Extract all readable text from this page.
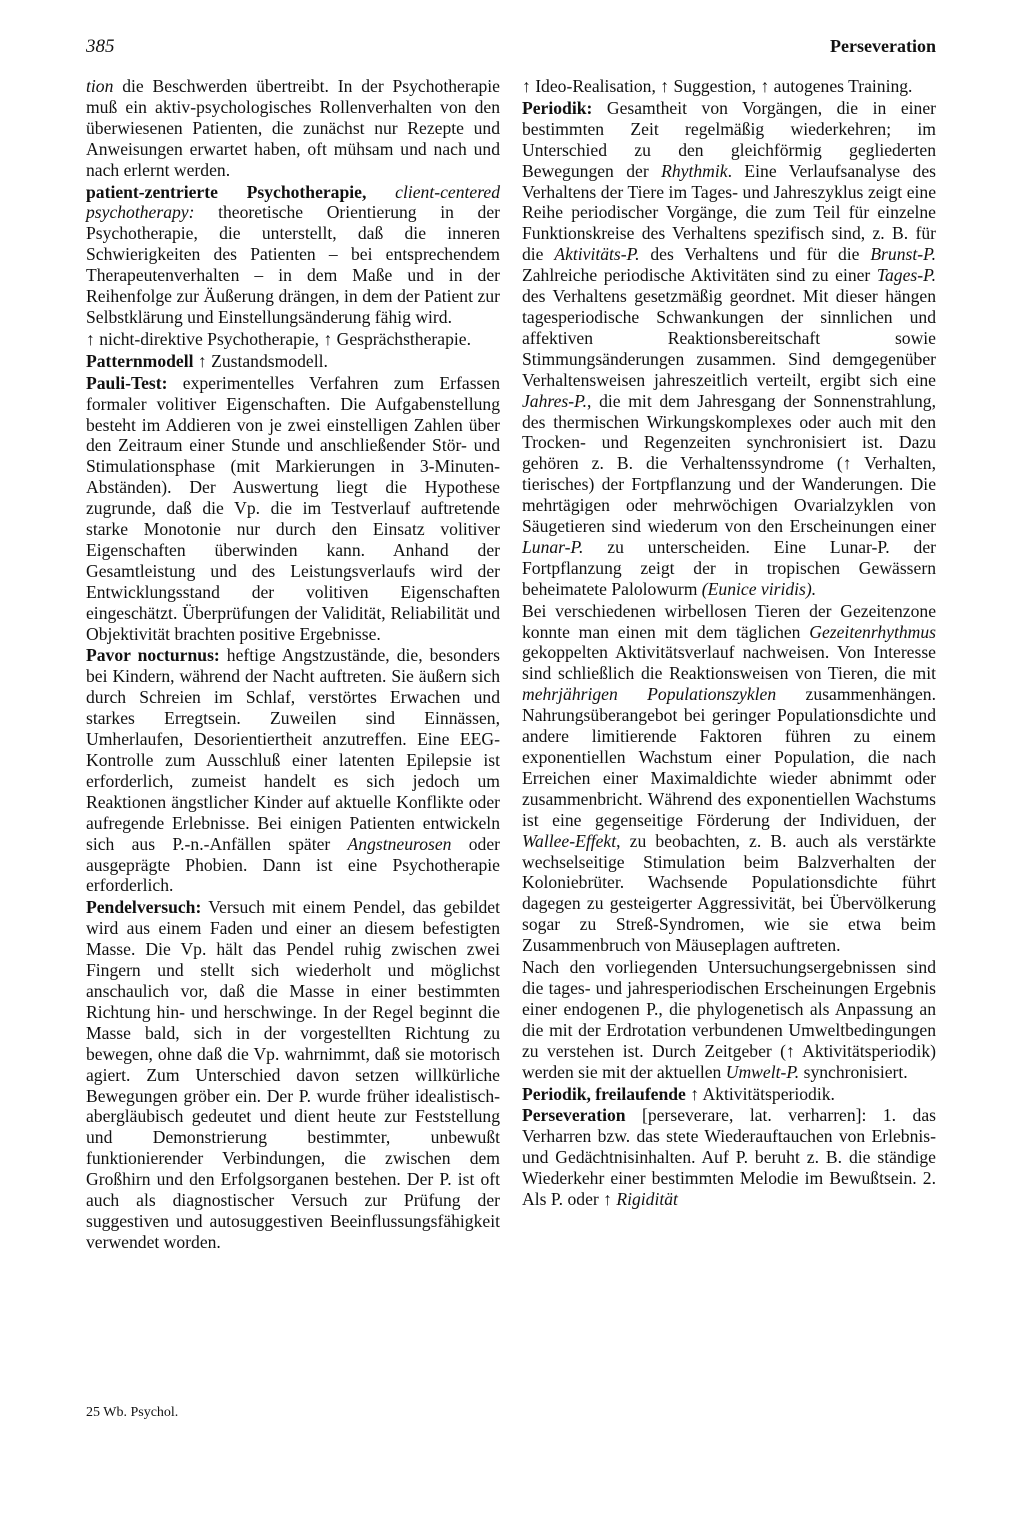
385	Perseveration

tion die Beschwerden übertreibt. In der Psychotherapie muß ein aktiv-psychologisches Rollenverhalten von den überwiesenen Patienten, die zunächst nur Rezepte und Anweisungen erwartet haben, oft mühsam und nach und nach erlernt werden.

patient-zentrierte Psychotherapie, client-centered psychotherapy: theoretische Orientierung in der Psychotherapie, die unterstellt, daß die inneren Schwierigkeiten des Patienten – bei entsprechendem Therapeutenverhalten – in dem Maße und in der Reihenfolge zur Äußerung drängen, in dem der Patient zur Selbstklärung und Einstellungsänderung fähig wird.

↑ nicht-direktive Psychotherapie, ↑ Gesprächstherapie.

Patternmodell ↑ Zustandsmodell.

Pauli-Test: experimentelles Verfahren zum Erfassen formaler volitiver Eigenschaften. Die Aufgabenstellung besteht im Addieren von je zwei einstelligen Zahlen über den Zeitraum einer Stunde und anschließender Stör- und Stimulationsphase (mit Markierungen in 3-Minuten-Abständen). Der Auswertung liegt die Hypothese zugrunde, daß die Vp. die im Testverlauf auftretende starke Monotonie nur durch den Einsatz volitiver Eigenschaften überwinden kann. Anhand der Gesamtleistung und des Leistungsverlaufs wird der Entwicklungsstand der volitiven Eigenschaften eingeschätzt. Überprüfungen der Validität, Reliabilität und Objektivität brachten positive Ergebnisse.

Pavor nocturnus: heftige Angstzustände, die, besonders bei Kindern, während der Nacht auftreten. Sie äußern sich durch Schreien im Schlaf, verstörtes Erwachen und starkes Erregtsein. Zuweilen sind Einnässen, Umherlaufen, Desorientiertheit anzutreffen. Eine EEG-Kontrolle zum Ausschluß einer latenten Epilepsie ist erforderlich, zumeist handelt es sich jedoch um Reaktionen ängstlicher Kinder auf aktuelle Konflikte oder aufregende Erlebnisse. Bei einigen Patienten entwickeln sich aus P.-n.-Anfällen später Angstneurosen oder ausgeprägte Phobien. Dann ist eine Psychotherapie erforderlich.

Pendelversuch: Versuch mit einem Pendel, das gebildet wird aus einem Faden und einer an diesem befestigten Masse. Die Vp. hält das Pendel ruhig zwischen zwei Fingern und stellt sich wiederholt und möglichst anschaulich vor, daß die Masse in einer bestimmten Richtung hin- und herschwinge. In der Regel beginnt die Masse bald, sich in der vorgestellten Richtung zu bewegen, ohne daß die Vp. wahrnimmt, daß sie motorisch agiert. Zum Unterschied davon setzen willkürliche Bewegungen gröber ein. Der P. wurde früher idealistisch-abergläubisch gedeutet und dient heute zur Feststellung und Demonstrierung bestimmter, unbewußt funktionierender Verbindungen, die zwischen dem Großhirn und den Erfolgsorganen bestehen. Der P. ist oft auch als diagnostischer Versuch zur Prüfung der suggestiven und autosuggestiven Beeinflussungsfähigkeit verwendet worden.

↑ Ideo-Realisation, ↑ Suggestion, ↑ autogenes Training.

Periodik: Gesamtheit von Vorgängen, die in einer bestimmten Zeit regelmäßig wiederkehren; im Unterschied zu den gleichförmig gegliederten Bewegungen der Rhythmik. Eine Verlaufsanalyse des Verhaltens der Tiere im Tages- und Jahreszyklus zeigt eine Reihe periodischer Vorgänge, die zum Teil für einzelne Funktionskreise des Verhaltens spezifisch sind, z. B. für die Aktivitäts-P. des Verhaltens und für die Brunst-P. Zahlreiche periodische Aktivitäten sind zu einer Tages-P. des Verhaltens gesetzmäßig geordnet. Mit dieser hängen tagesperiodische Schwankungen der sinnlichen und affektiven Reaktionsbereitschaft sowie Stimmungsänderungen zusammen. Sind demgegenüber Verhaltensweisen jahreszeitlich verteilt, ergibt sich eine Jahres-P., die mit dem Jahresgang der Sonnenstrahlung, des thermischen Wirkungskomplexes oder auch mit den Trocken- und Regenzeiten synchronisiert ist. Dazu gehören z. B. die Verhaltenssyndrome (↑ Verhalten, tierisches) der Fortpflanzung und der Wanderungen. Die mehrtägigen oder mehrwöchigen Ovarialzyklen von Säugetieren sind wiederum von den Erscheinungen einer Lunar-P. zu unterscheiden. Eine Lunar-P. der Fortpflanzung zeigt der in tropischen Gewässern beheimatete Palolowurm (Eunice viridis).

Bei verschiedenen wirbellosen Tieren der Gezeitenzone konnte man einen mit dem täglichen Gezeitenrhythmus gekoppelten Aktivitätsverlauf nachweisen. Von Interesse sind schließlich die Reaktionsweisen von Tieren, die mit mehrjährigen Populationszyklen zusammenhängen. Nahrungsüberangebot bei geringer Populationsdichte und andere limitierende Faktoren führen zu einem exponentiellen Wachstum einer Population, die nach Erreichen einer Maximaldichte wieder abnimmt oder zusammenbricht. Während des exponentiellen Wachstums ist eine gegenseitige Förderung der Individuen, der Wallee-Effekt, zu beobachten, z. B. auch als verstärkte wechselseitige Stimulation beim Balzverhalten der Koloniebrüter. Wachsende Populationsdichte führt dagegen zu gesteigerter Aggressivität, bei Übervölkerung sogar zu Streß-Syndromen, wie sie etwa beim Zusammenbruch von Mäuseplagen auftreten.

Nach den vorliegenden Untersuchungsergebnissen sind die tages- und jahresperiodischen Erscheinungen Ergebnis einer endogenen P., die phylogenetisch als Anpassung an die mit der Erdrotation verbundenen Umweltbedingungen zu verstehen ist. Durch Zeitgeber (↑ Aktivitätsperiodik) werden sie mit der aktuellen Umwelt-P. synchronisiert.

Periodik, freilaufende ↑ Aktivitätsperiodik.

Perseveration [perseverare, lat. verharren]: 1. das Verharren bzw. das stete Wiederauftauchen von Erlebnis- und Gedächtnisinhalten. Auf P. beruht z. B. die ständige Wiederkehr einer bestimmten Melodie im Bewußtsein. 2. Als P. oder ↑ Rigidität

25 Wb. Psychol.
